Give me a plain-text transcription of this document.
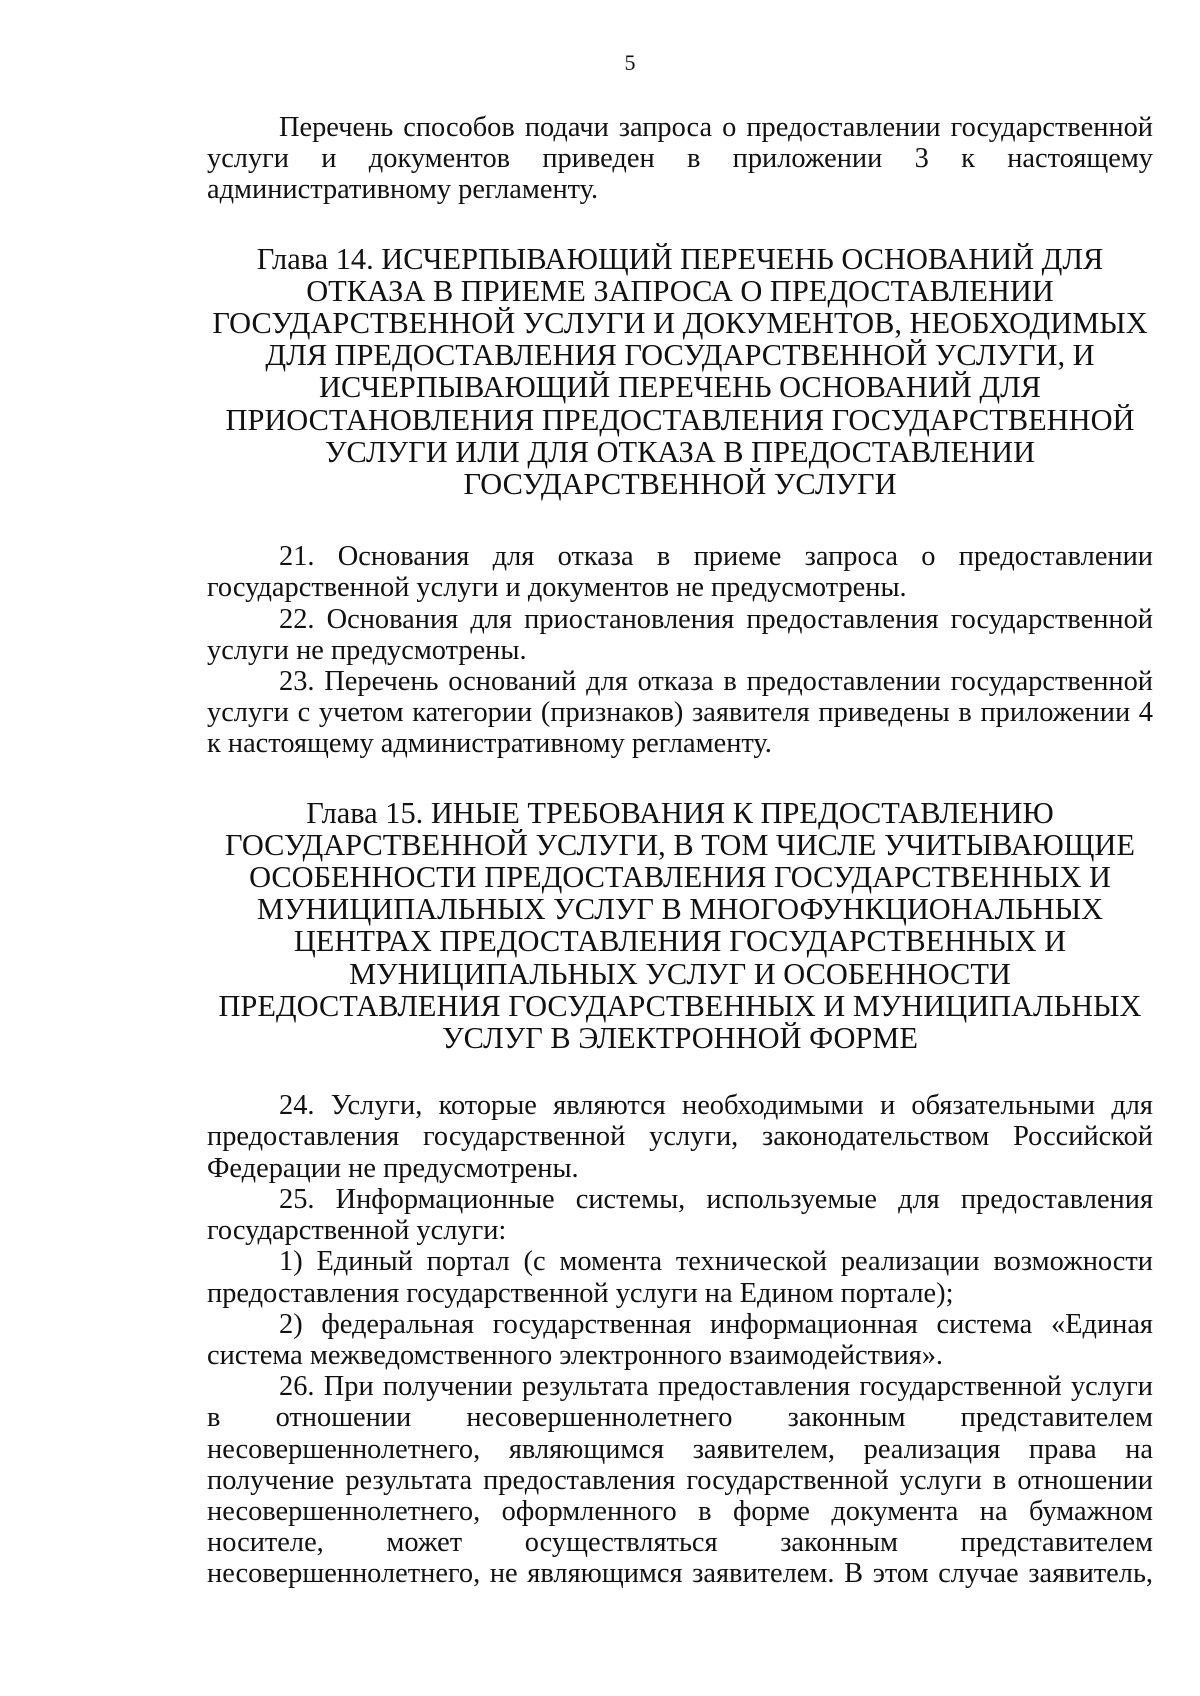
5

Перечень способов подачи запроса о предоставлении государственной услуги и документов приведен в приложении 3 к настоящему административному регламенту.

Глава 14. ИСЧЕРПЫВАЮЩИЙ ПЕРЕЧЕНЬ ОСНОВАНИЙ ДЛЯ ОТКАЗА В ПРИЕМЕ ЗАПРОСА О ПРЕДОСТАВЛЕНИИ ГОСУДАРСТВЕННОЙ УСЛУГИ И ДОКУМЕНТОВ, НЕОБХОДИМЫХ ДЛЯ ПРЕДОСТАВЛЕНИЯ ГОСУДАРСТВЕННОЙ УСЛУГИ, И ИСЧЕРПЫВАЮЩИЙ ПЕРЕЧЕНЬ ОСНОВАНИЙ ДЛЯ ПРИОСТАНОВЛЕНИЯ ПРЕДОСТАВЛЕНИЯ ГОСУДАРСТВЕННОЙ УСЛУГИ ИЛИ ДЛЯ ОТКАЗА В ПРЕДОСТАВЛЕНИИ ГОСУДАРСТВЕННОЙ УСЛУГИ

21. Основания для отказа в приеме запроса о предоставлении государственной услуги и документов не предусмотрены.

22. Основания для приостановления предоставления государственной услуги не предусмотрены.

23. Перечень оснований для отказа в предоставлении государственной услуги с учетом категории (признаков) заявителя приведены в приложении 4 к настоящему административному регламенту.

Глава 15. ИНЫЕ ТРЕБОВАНИЯ К ПРЕДОСТАВЛЕНИЮ ГОСУДАРСТВЕННОЙ УСЛУГИ, В ТОМ ЧИСЛЕ УЧИТЫВАЮЩИЕ ОСОБЕННОСТИ ПРЕДОСТАВЛЕНИЯ ГОСУДАРСТВЕННЫХ И МУНИЦИПАЛЬНЫХ УСЛУГ В МНОГОФУНКЦИОНАЛЬНЫХ ЦЕНТРАХ ПРЕДОСТАВЛЕНИЯ ГОСУДАРСТВЕННЫХ И МУНИЦИПАЛЬНЫХ УСЛУГ И ОСОБЕННОСТИ ПРЕДОСТАВЛЕНИЯ ГОСУДАРСТВЕННЫХ И МУНИЦИПАЛЬНЫХ УСЛУГ В ЭЛЕКТРОННОЙ ФОРМЕ

24. Услуги, которые являются необходимыми и обязательными для предоставления государственной услуги, законодательством Российской Федерации не предусмотрены.

25. Информационные системы, используемые для предоставления государственной услуги:

1) Единый портал (с момента технической реализации возможности предоставления государственной услуги на Едином портале);

2) федеральная государственная информационная система «Единая система межведомственного электронного взаимодействия».

26. При получении результата предоставления государственной услуги в отношении несовершеннолетнего законным представителем несовершеннолетнего, являющимся заявителем, реализация права на получение результата предоставления государственной услуги в отношении несовершеннолетнего, оформленного в форме документа на бумажном носителе, может осуществляться законным представителем несовершеннолетнего, не являющимся заявителем. В этом случае заявитель,
